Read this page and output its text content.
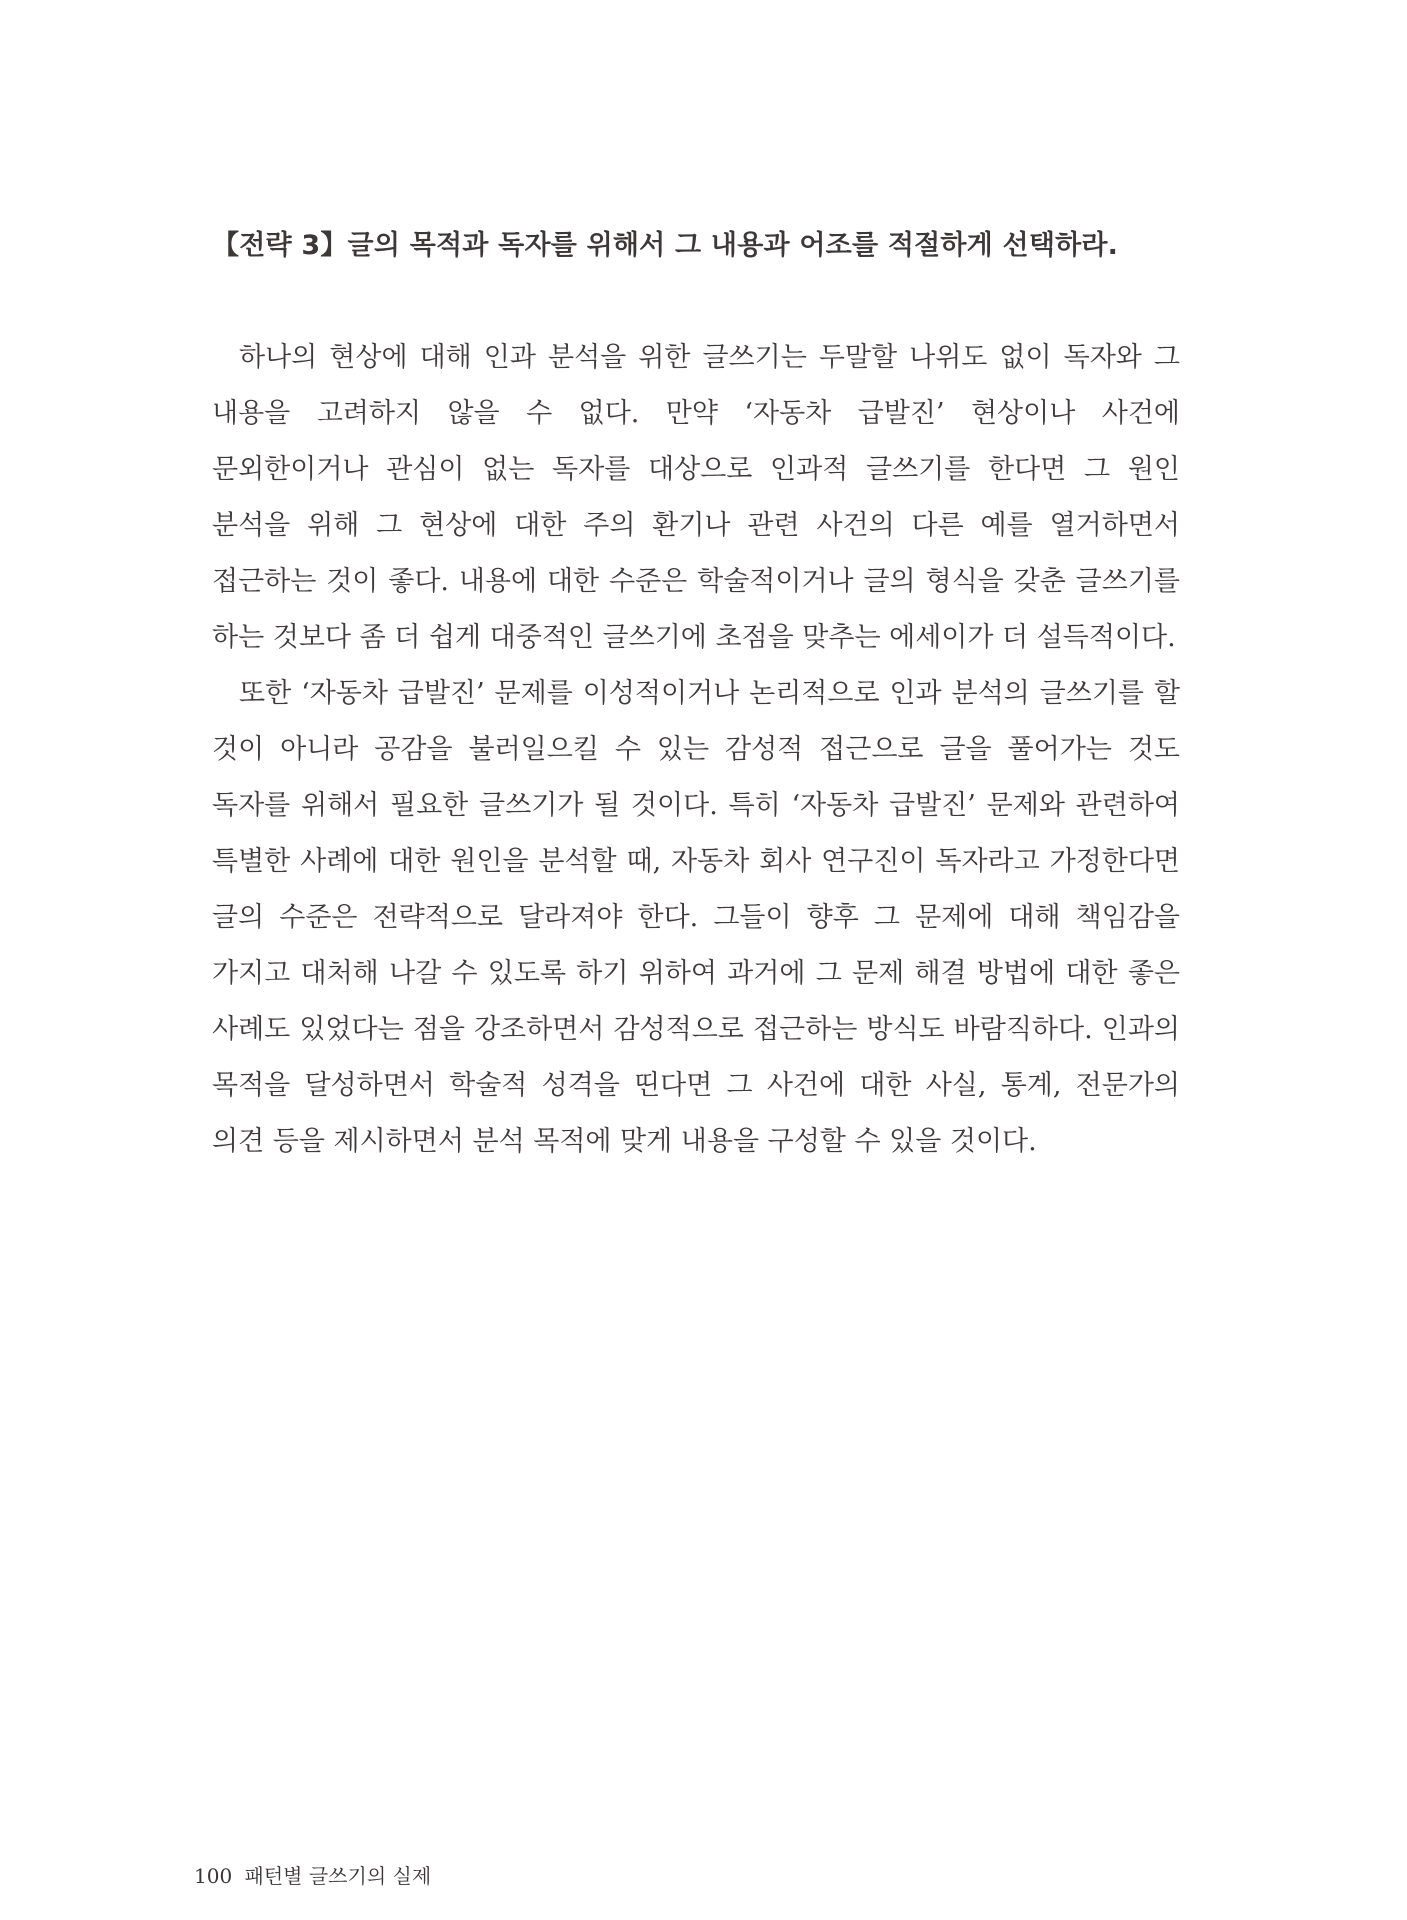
【전략 3】글의 목적과 독자를 위해서 그 내용과 어조를 적절하게 선택하라.

하나의 현상에 대해 인과 분석을 위한 글쓰기는 두말할 나위도 없이 독자와 그 내용을 고려하지 않을 수 없다. 만약 ‘자동차 급발진’ 현상이나 사건에 문외한이거나 관심이 없는 독자를 대상으로 인과적 글쓰기를 한다면 그 원인 분석을 위해 그 현상에 대한 주의 환기나 관련 사건의 다른 예를 열거하면서 접근하는 것이 좋다. 내용에 대한 수준은 학술적이거나 글의 형식을 갖춘 글쓰기를 하는 것보다 좀 더 쉽게 대중적인 글쓰기에 초점을 맞추는 에세이가 더 설득적이다.

또한 ‘자동차 급발진’ 문제를 이성적이거나 논리적으로 인과 분석의 글쓰기를 할 것이 아니라 공감을 불러일으킬 수 있는 감성적 접근으로 글을 풀어가는 것도 독자를 위해서 필요한 글쓰기가 될 것이다. 특히 ‘자동차 급발진’ 문제와 관련하여 특별한 사례에 대한 원인을 분석할 때, 자동차 회사 연구진이 독자라고 가정한다면 글의 수준은 전략적으로 달라져야 한다. 그들이 향후 그 문제에 대해 책임감을 가지고 대처해 나갈 수 있도록 하기 위하여 과거에 그 문제 해결 방법에 대한 좋은 사례도 있었다는 점을 강조하면서 감성적으로 접근하는 방식도 바람직하다. 인과의 목적을 달성하면서 학술적 성격을 띤다면 그 사건에 대한 사실, 통계, 전문가의 의견 등을 제시하면서 분석 목적에 맞게 내용을 구성할 수 있을 것이다.

100 패턴별 글쓰기의 실제
